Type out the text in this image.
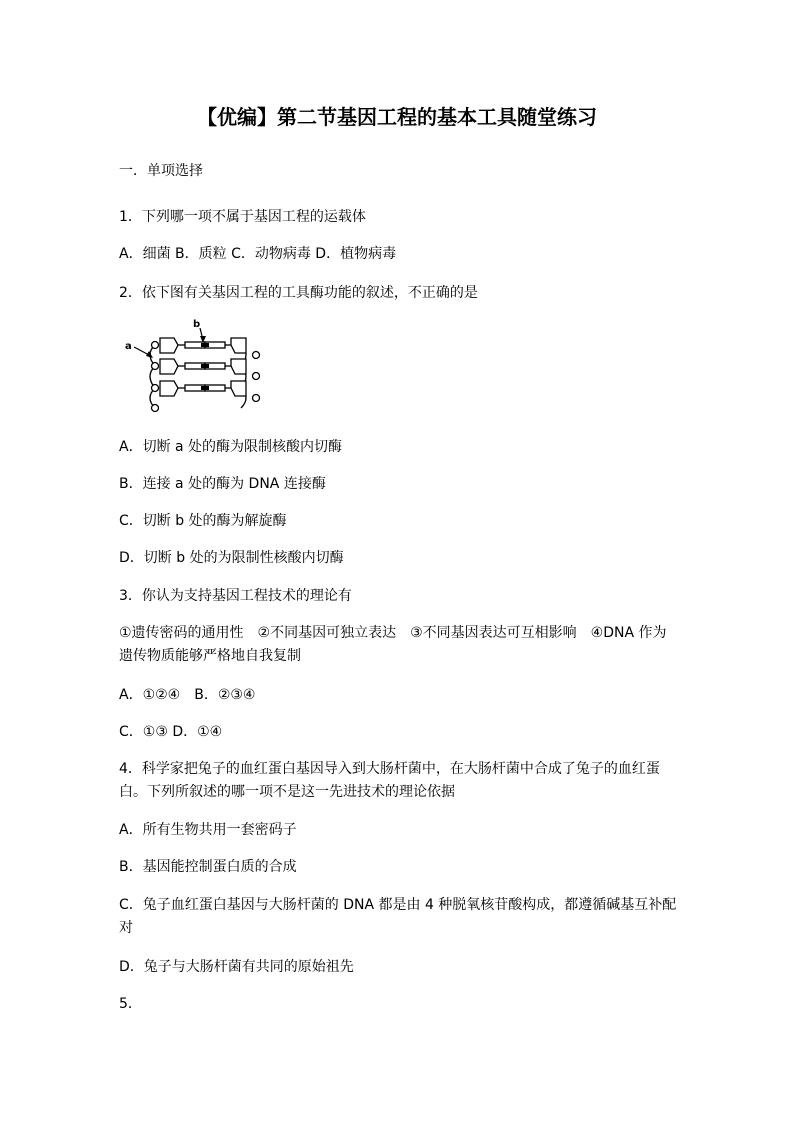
【优编】第二节基因工程的基本工具随堂练习

一．单项选择

1．下列哪一项不属于基因工程的运载体

A．细菌 B．质粒 C．动物病毒 D．植物病毒

2．依下图有关基因工程的工具酶功能的叙述，不正确的是

a
b

A．切断 a 处的酶为限制核酸内切酶

B．连接 a 处的酶为 DNA 连接酶

C．切断 b 处的酶为解旋酶

D．切断 b 处的为限制性核酸内切酶

3．你认为支持基因工程技术的理论有

①遗传密码的通用性　②不同基因可独立表达　③不同基因表达可互相影响　④DNA 作为遗传物质能够严格地自我复制

A．①②④　B．②③④

C．①③ D．①④

4．科学家把兔子的血红蛋白基因导入到大肠杆菌中，在大肠杆菌中合成了兔子的血红蛋白。下列所叙述的哪一项不是这一先进技术的理论依据

A．所有生物共用一套密码子

B．基因能控制蛋白质的合成

C．兔子血红蛋白基因与大肠杆菌的 DNA 都是由 4 种脱氧核苷酸构成，都遵循碱基互补配对

D．兔子与大肠杆菌有共同的原始祖先

5．
